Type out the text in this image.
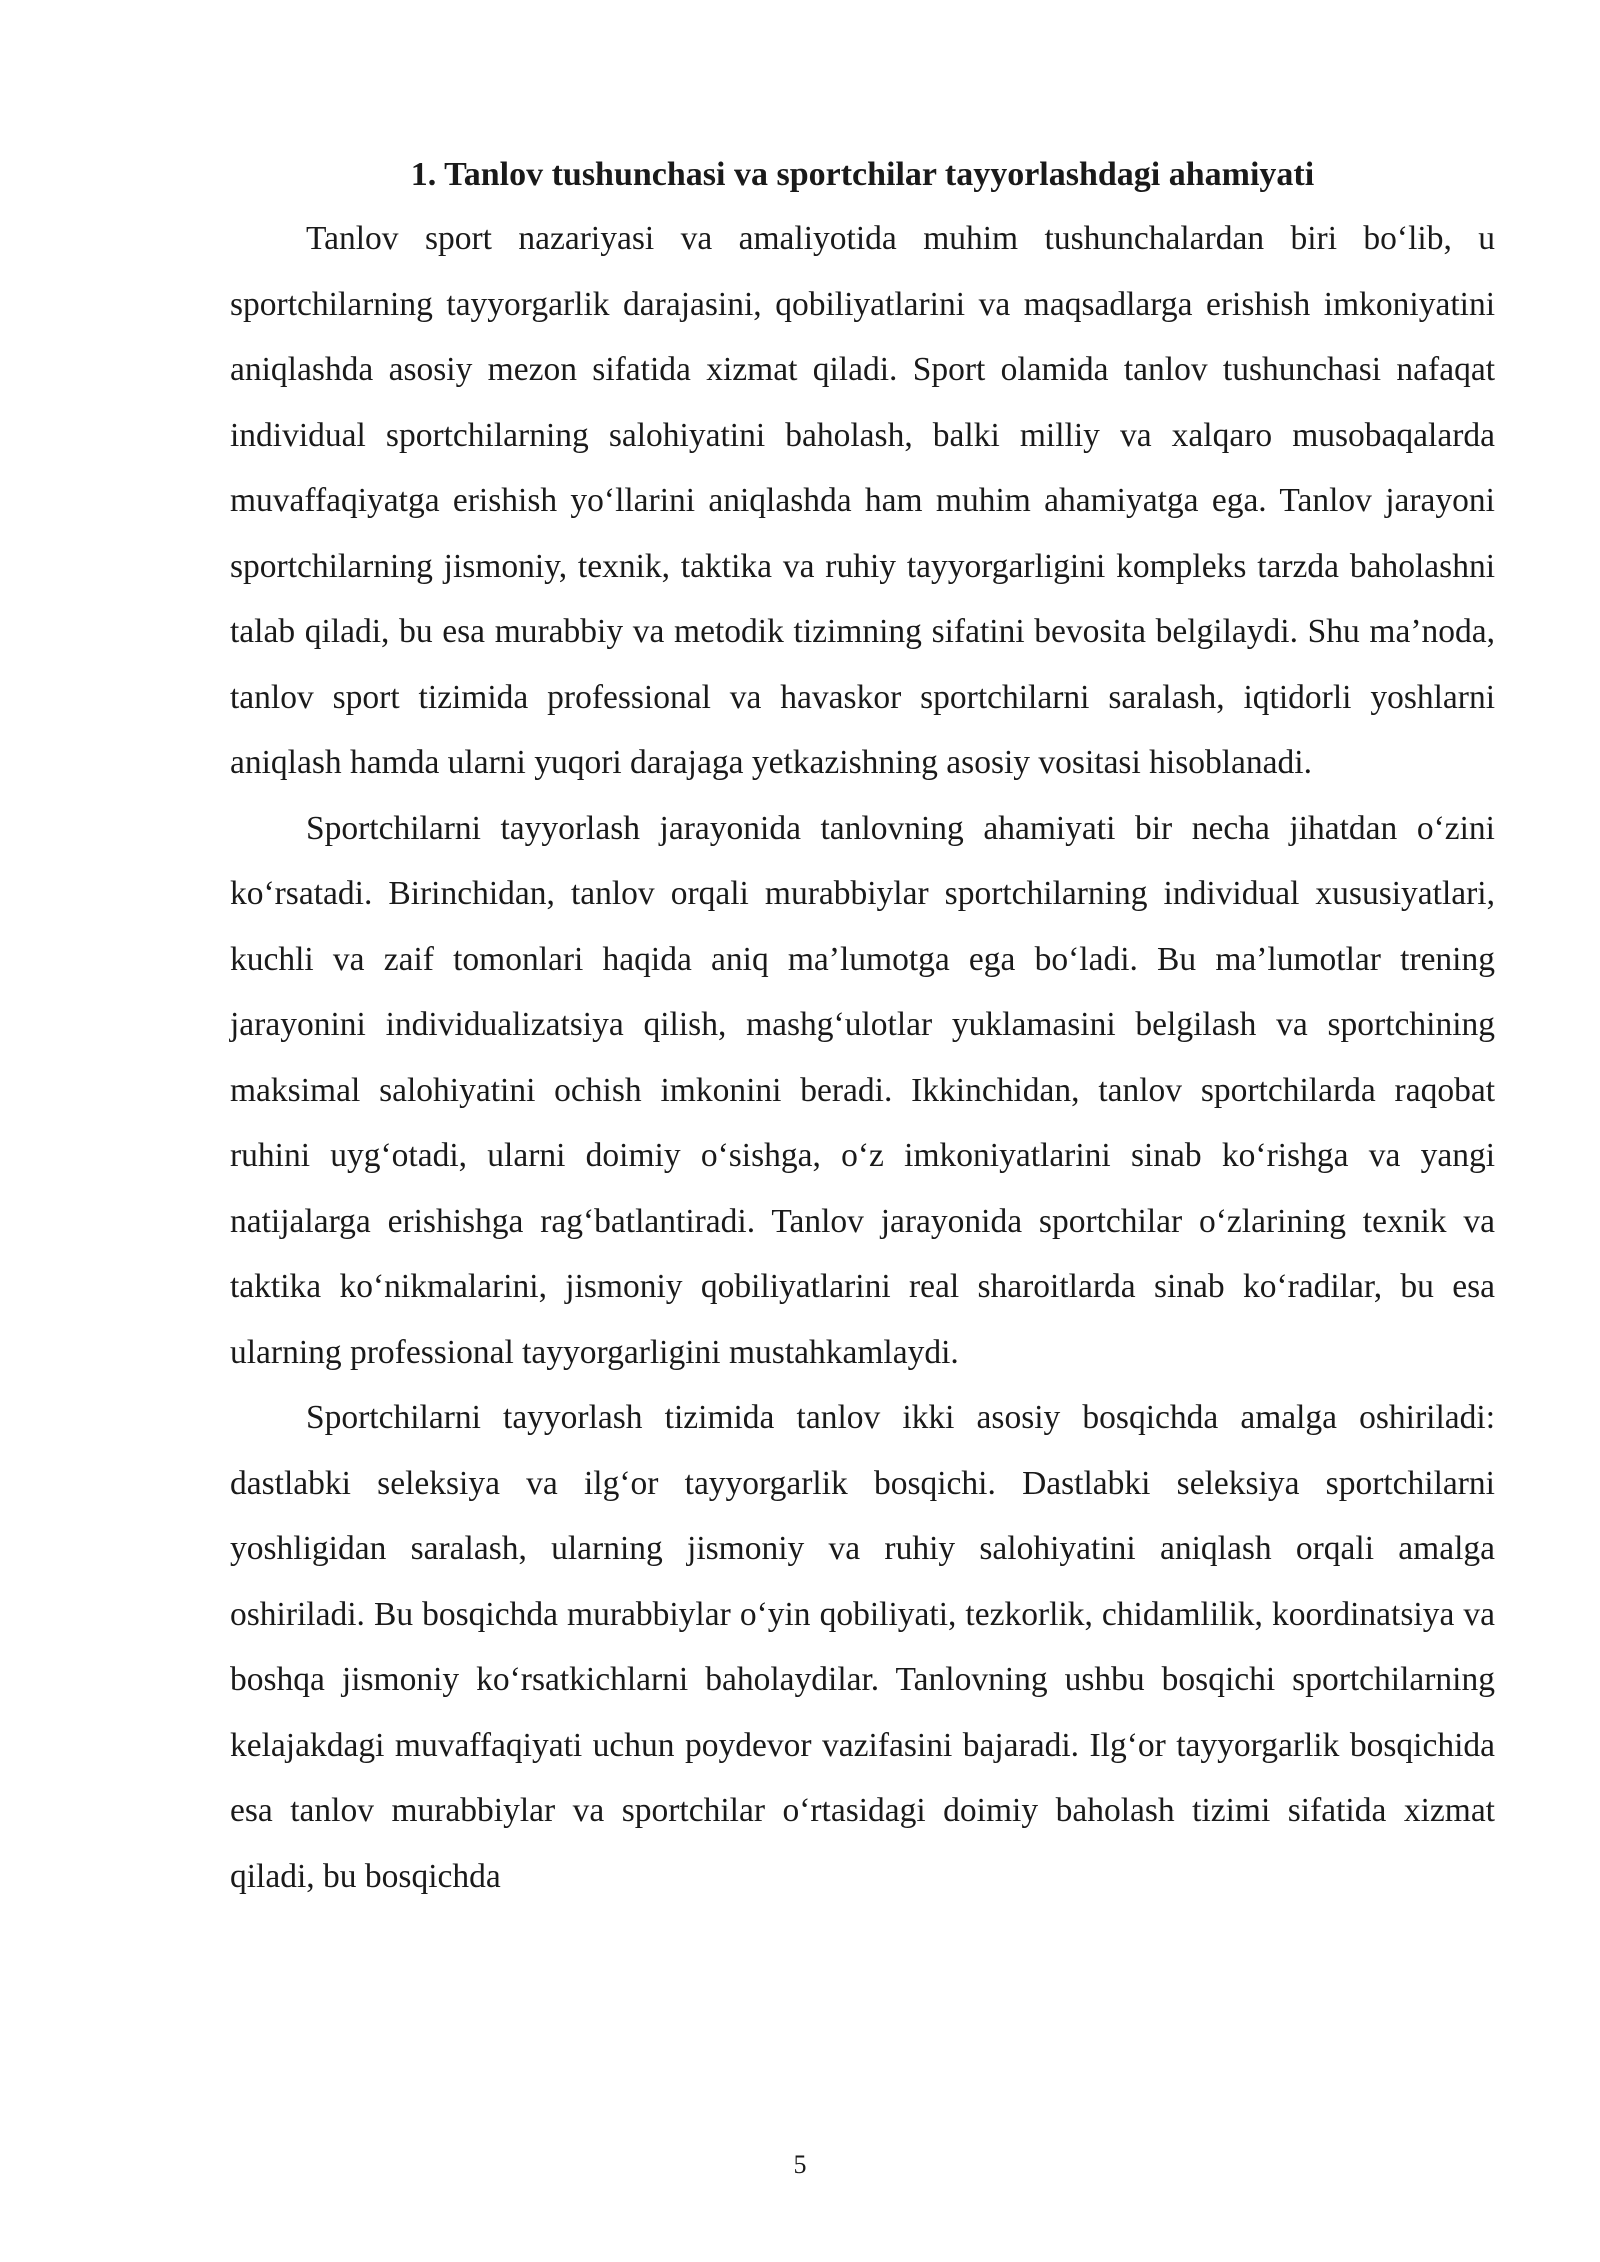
1. Tanlov tushunchasi va sportchilar tayyorlashdagi ahamiyati

Tanlov sport nazariyasi va amaliyotida muhim tushunchalardan biri bo‘lib, u sportchilarning tayyorgarlik darajasini, qobiliyatlarini va maqsadlarga erishish imkoniyatini aniqlashda asosiy mezon sifatida xizmat qiladi. Sport olamida tanlov tushunchasi nafaqat individual sportchilarning salohiyatini baholash, balki milliy va xalqaro musobaqalarda muvaffaqiyatga erishish yo‘llarini aniqlashda ham muhim ahamiyatga ega. Tanlov jarayoni sportchilarning jismoniy, texnik, taktika va ruhiy tayyorgarligini kompleks tarzda baholashni talab qiladi, bu esa murabbiy va metodik tizimning sifatini bevosita belgilaydi. Shu ma’noda, tanlov sport tizimida professional va havaskor sportchilarni saralash, iqtidorli yoshlarni aniqlash hamda ularni yuqori darajaga yetkazishning asosiy vositasi hisoblanadi.

Sportchilarni tayyorlash jarayonida tanlovning ahamiyati bir necha jihatdan o‘zini ko‘rsatadi. Birinchidan, tanlov orqali murabbiylar sportchilarning individual xususiyatlari, kuchli va zaif tomonlari haqida aniq ma’lumotga ega bo‘ladi. Bu ma’lumotlar trening jarayonini individualizatsiya qilish, mashg‘ulotlar yuklamasini belgilash va sportchining maksimal salohiyatini ochish imkonini beradi. Ikkinchidan, tanlov sportchilarda raqobat ruhini uyg‘otadi, ularni doimiy o‘sishga, o‘z imkoniyatlarini sinab ko‘rishga va yangi natijalarga erishishga rag‘batlantiradi. Tanlov jarayonida sportchilar o‘zlarining texnik va taktika ko‘nikmalarini, jismoniy qobiliyatlarini real sharoitlarda sinab ko‘radilar, bu esa ularning professional tayyorgarligini mustahkamlaydi.

Sportchilarni tayyorlash tizimida tanlov ikki asosiy bosqichda amalga oshiriladi: dastlabki seleksiya va ilg‘or tayyorgarlik bosqichi. Dastlabki seleksiya sportchilarni yoshligidan saralash, ularning jismoniy va ruhiy salohiyatini aniqlash orqali amalga oshiriladi. Bu bosqichda murabbiylar o‘yin qobiliyati, tezkorlik, chidamlilik, koordinatsiya va boshqa jismoniy ko‘rsatkichlarni baholaydilar. Tanlovning ushbu bosqichi sportchilarning kelajakdagi muvaffaqiyati uchun poydevor vazifasini bajaradi. Ilg‘or tayyorgarlik bosqichida esa tanlov murabbiylar va sportchilar o‘rtasidagi doimiy baholash tizimi sifatida xizmat qiladi, bu bosqichda

5
